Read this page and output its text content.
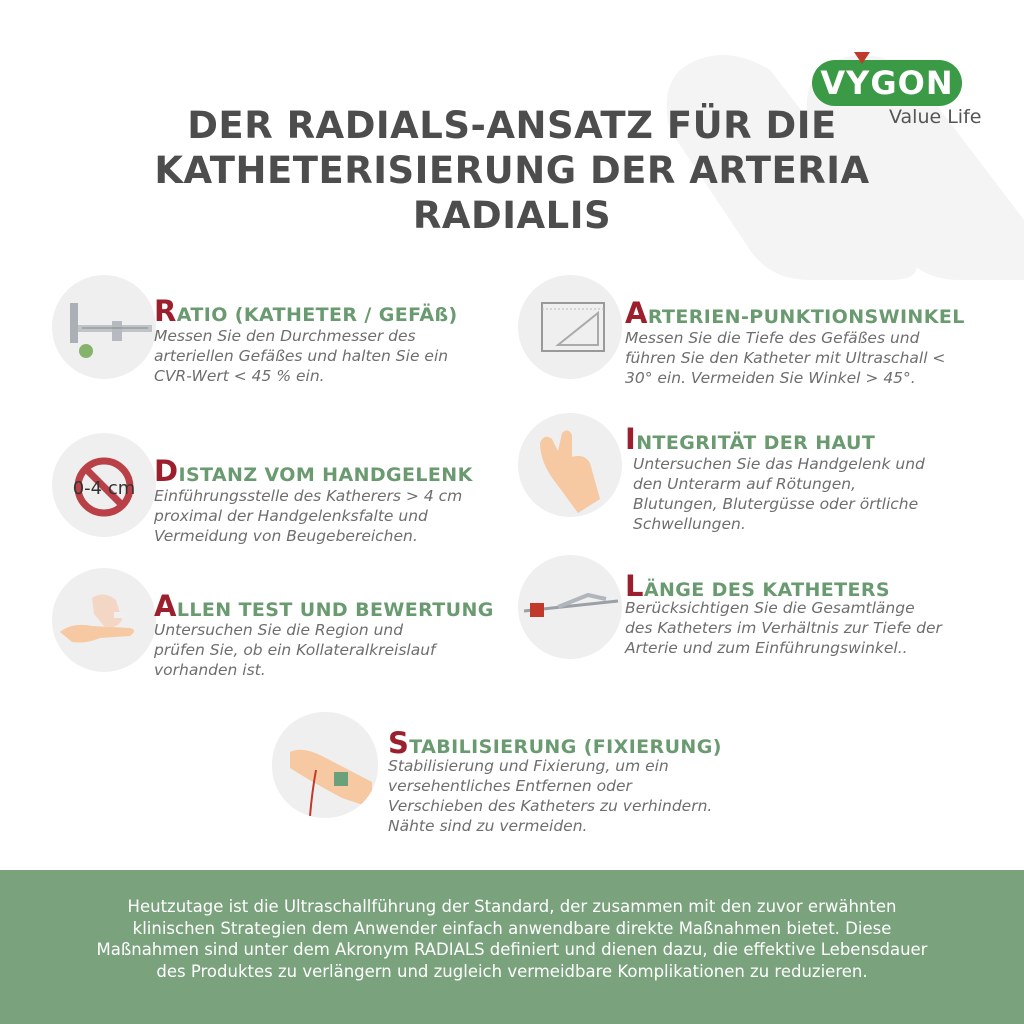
VYGON
Value Life
DER RADIALS-ANSATZ FÜR DIE KATHETERISIERUNG DER ARTERIA RADIALIS
RATIO (KATHETER / GEFÄß)
Messen Sie den Durchmesser des
arteriellen Gefäßes und halten Sie ein
CVR-Wert < 45 % ein.
0-4 cm
DISTANZ VOM HANDGELENK
Einführungsstelle des Katherers > 4 cm
proximal der Handgelenksfalte und
Vermeidung von Beugebereichen.
ALLEN TEST UND BEWERTUNG
Untersuchen Sie die Region und
prüfen Sie, ob ein Kollateralkreislauf
vorhanden ist.
ARTERIEN-PUNKTIONSWINKEL
Messen Sie die Tiefe des Gefäßes und
führen Sie den Katheter mit Ultraschall <
30° ein. Vermeiden Sie Winkel > 45°.
INTEGRITÄT DER HAUT
Untersuchen Sie das Handgelenk und
den Unterarm auf Rötungen,
Blutungen, Blutergüsse oder örtliche
Schwellungen.
LÄNGE DES KATHETERS
Berücksichtigen Sie die Gesamtlänge
des Katheters im Verhältnis zur Tiefe der
Arterie und zum Einführungswinkel..
STABILISIERUNG (FIXIERUNG)
Stabilisierung und Fixierung, um ein
versehentliches Entfernen oder
Verschieben des Katheters zu verhindern.
Nähte sind zu vermeiden.
Heutzutage ist die Ultraschallführung der Standard, der zusammen mit den zuvor erwähnten klinischen Strategien dem Anwender einfach anwendbare direkte Maßnahmen bietet. Diese Maßnahmen sind unter dem Akronym RADIALS definiert und dienen dazu, die effektive Lebensdauer des Produktes zu verlängern und zugleich vermeidbare Komplikationen zu reduzieren.
